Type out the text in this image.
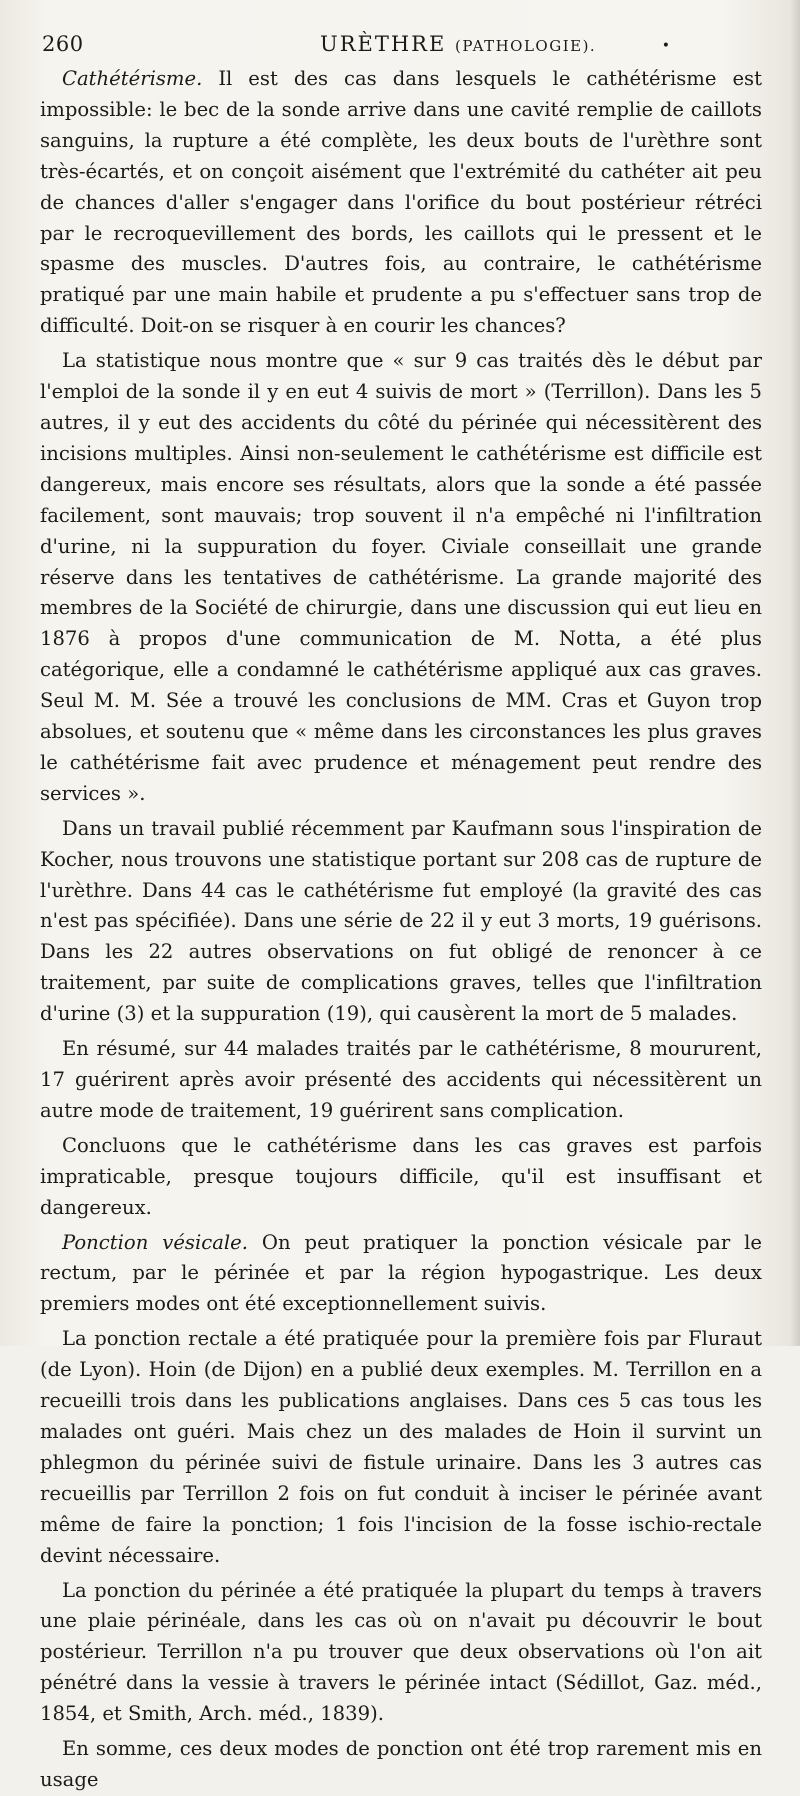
260	URÈTHRE (PATHOLOGIE).	•

Cathétérisme. Il est des cas dans lesquels le cathétérisme est impossible: le bec de la sonde arrive dans une cavité remplie de caillots sanguins, la rupture a été complète, les deux bouts de l'urèthre sont très-écartés, et on conçoit aisément que l'extrémité du cathéter ait peu de chances d'aller s'engager dans l'orifice du bout postérieur rétréci par le recroquevillement des bords, les caillots qui le pressent et le spasme des muscles. D'autres fois, au contraire, le cathétérisme pratiqué par une main habile et prudente a pu s'effectuer sans trop de difficulté. Doit-on se risquer à en courir les chances?

La statistique nous montre que « sur 9 cas traités dès le début par l'emploi de la sonde il y en eut 4 suivis de mort » (Terrillon). Dans les 5 autres, il y eut des accidents du côté du périnée qui nécessitèrent des incisions multiples. Ainsi non-seulement le cathétérisme est difficile est dangereux, mais encore ses résultats, alors que la sonde a été passée facilement, sont mauvais; trop souvent il n'a empêché ni l'infiltration d'urine, ni la suppuration du foyer. Civiale conseillait une grande réserve dans les tentatives de cathétérisme. La grande majorité des membres de la Société de chirurgie, dans une discussion qui eut lieu en 1876 à propos d'une communication de M. Notta, a été plus catégorique, elle a condamné le cathétérisme appliqué aux cas graves. Seul M. M. Sée a trouvé les conclusions de MM. Cras et Guyon trop absolues, et soutenu que « même dans les circonstances les plus graves le cathétérisme fait avec prudence et ménagement peut rendre des services ».

Dans un travail publié récemment par Kaufmann sous l'inspiration de Kocher, nous trouvons une statistique portant sur 208 cas de rupture de l'urèthre. Dans 44 cas le cathétérisme fut employé (la gravité des cas n'est pas spécifiée). Dans une série de 22 il y eut 3 morts, 19 guérisons. Dans les 22 autres observations on fut obligé de renoncer à ce traitement, par suite de complications graves, telles que l'infiltration d'urine (3) et la suppuration (19), qui causèrent la mort de 5 malades.

En résumé, sur 44 malades traités par le cathétérisme, 8 moururent, 17 guérirent après avoir présenté des accidents qui nécessitèrent un autre mode de traitement, 19 guérirent sans complication.

Concluons que le cathétérisme dans les cas graves est parfois impraticable, presque toujours difficile, qu'il est insuffisant et dangereux.

Ponction vésicale. On peut pratiquer la ponction vésicale par le rectum, par le périnée et par la région hypogastrique. Les deux premiers modes ont été exceptionnellement suivis.

La ponction rectale a été pratiquée pour la première fois par Fluraut (de Lyon). Hoin (de Dijon) en a publié deux exemples. M. Terrillon en a recueilli trois dans les publications anglaises. Dans ces 5 cas tous les malades ont guéri. Mais chez un des malades de Hoin il survint un phlegmon du périnée suivi de fistule urinaire. Dans les 3 autres cas recueillis par Terrillon 2 fois on fut conduit à inciser le périnée avant même de faire la ponction; 1 fois l'incision de la fosse ischio-rectale devint nécessaire.

La ponction du périnée a été pratiquée la plupart du temps à travers une plaie périnéale, dans les cas où on n'avait pu découvrir le bout postérieur. Terrillon n'a pu trouver que deux observations où l'on ait pénétré dans la vessie à travers le périnée intact (Sédillot, Gaz. méd., 1854, et Smith, Arch. méd., 1839).

En somme, ces deux modes de ponction ont été trop rarement mis en usage
